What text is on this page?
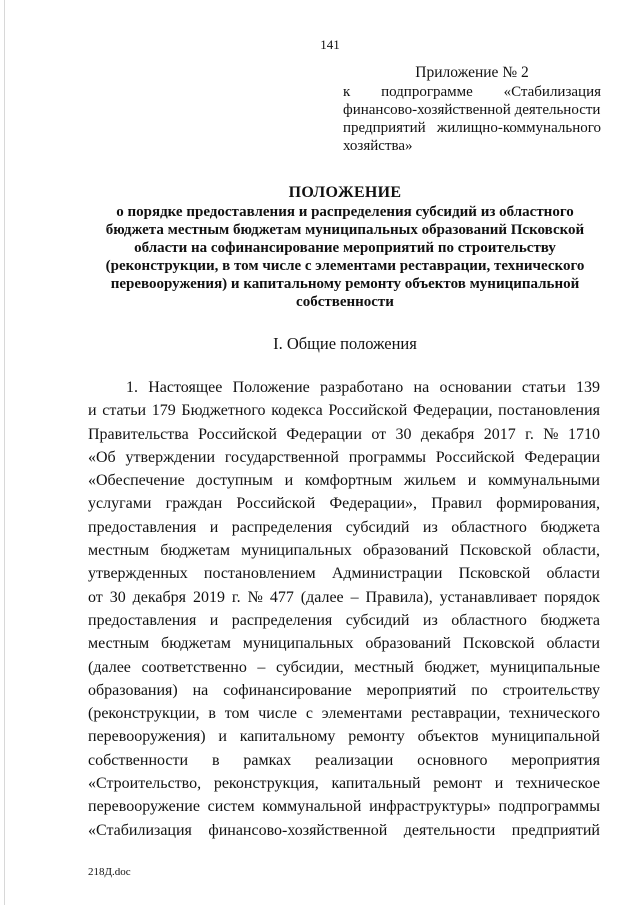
141
Приложение № 2
к подпрограмме «Стабилизация
финансово-хозяйственной деятельности
предприятий жилищно-коммунального
хозяйства»
ПОЛОЖЕНИЕ
о порядке предоставления и распределения субсидий из областного
бюджета местным бюджетам муниципальных образований Псковской
области на софинансирование мероприятий по строительству
(реконструкции, в том числе с элементами реставрации, технического
перевооружения) и капитальному ремонту объектов муниципальной
собственности
I. Общие положения
1. Настоящее Положение разработано на основании статьи 139
и статьи 179 Бюджетного кодекса Российской Федерации, постановления
Правительства Российской Федерации от 30 декабря 2017 г. № 1710
«Об утверждении государственной программы Российской Федерации
«Обеспечение доступным и комфортным жильем и коммунальными
услугами граждан Российской Федерации», Правил формирования,
предоставления и распределения субсидий из областного бюджета
местным бюджетам муниципальных образований Псковской области,
утвержденных постановлением Администрации Псковской области
от 30 декабря 2019 г. № 477 (далее – Правила), устанавливает порядок
предоставления и распределения субсидий из областного бюджета
местным бюджетам муниципальных образований Псковской области
(далее соответственно – субсидии, местный бюджет, муниципальные
образования) на софинансирование мероприятий по строительству
(реконструкции, в том числе с элементами реставрации, технического
перевооружения) и капитальному ремонту объектов муниципальной
собственности в рамках реализации основного мероприятия
«Строительство, реконструкция, капитальный ремонт и техническое
перевооружение систем коммунальной инфраструктуры» подпрограммы
«Стабилизация финансово-хозяйственной деятельности предприятий
218Д.doc
